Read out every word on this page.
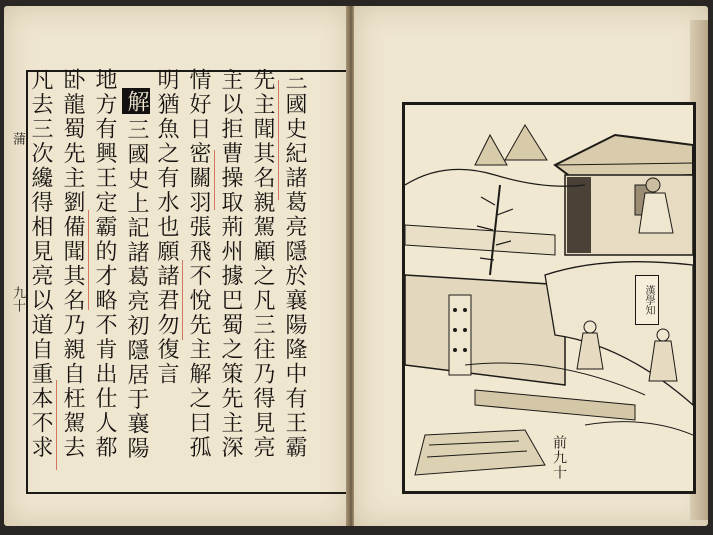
蒲
九十
三國史紀諸葛亮隱於襄陽隆中有王霸
先主聞其名親駕顧之凡三往乃得見亮
主以拒曹操取荊州據巴蜀之策先主深
情好日密關羽張飛不悅先主解之曰孤
明猶魚之有水也願諸君勿復言
解
三國史上記諸葛亮初隱居于襄陽
地方有興王定霸的才略不肯出仕人都
卧龍蜀先主劉備聞其名乃親自枉駕去
凡去三次纔得相見亮以道自重本不求
漢學知
前九十
